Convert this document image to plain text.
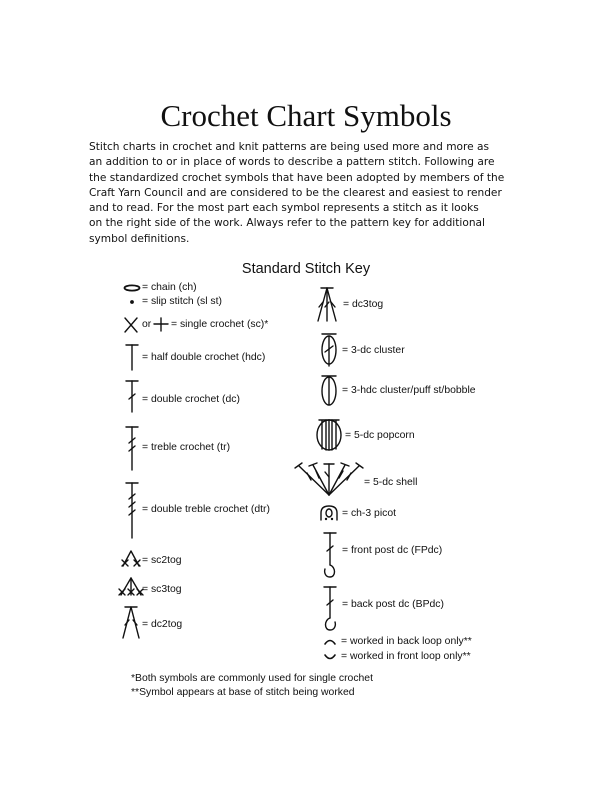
Crochet Chart Symbols

Stitch charts in crochet and knit patterns are being used more and more as
an addition to or in place of words to describe a pattern stitch. Following are
the standardized crochet symbols that have been adopted by members of the
Craft Yarn Council and are considered to be the clearest and easiest to render
and to read. For the most part each symbol represents a stitch as it looks
on the right side of the work. Always refer to the pattern key for additional
symbol definitions.

Standard Stitch Key
= chain (ch)
= slip stitch (sl st)
or = single crochet (sc)*
= half double crochet (hdc)
= double crochet (dc)
= treble crochet (tr)
= double treble crochet (dtr)
= sc2tog
= sc3tog
= dc2tog
= dc3tog
= 3-dc cluster
= 3-hdc cluster/puff st/bobble
= 5-dc popcorn
= 5-dc shell
= ch-3 picot
= front post dc (FPdc)
= back post dc (BPdc)
= worked in back loop only**
= worked in front loop only**
*Both symbols are commonly used for single crochet
**Symbol appears at base of stitch being worked
